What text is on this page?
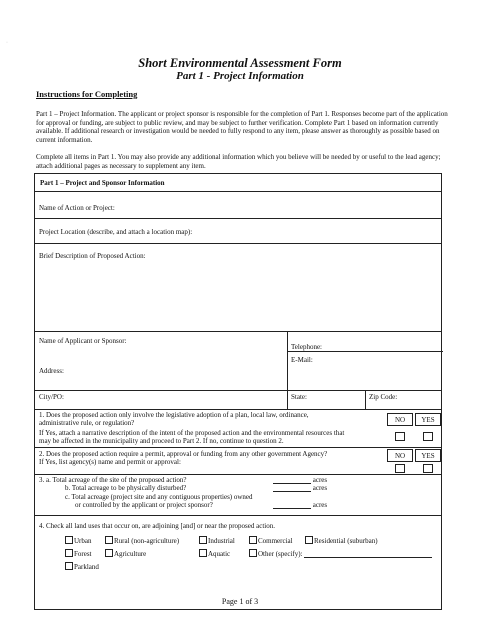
·
Short Environmental Assessment Form
Part 1 - Project Information
Instructions for Completing
Part 1 – Project Information. The applicant or project sponsor is responsible for the completion of Part 1. Responses become part of the application for approval or funding, are subject to public review, and may be subject to further verification. Complete Part 1 based on information currently available. If additional research or investigation would be needed to fully respond to any item, please answer as thoroughly as possible based on current information.
Complete all items in Part 1. You may also provide any additional information which you believe will be needed by or useful to the lead agency; attach additional pages as necessary to supplement any item.
Part 1 – Project and Sponsor Information
Name of Action or Project:
Project Location (describe, and attach a location map):
Brief Description of Proposed Action:
Name of Applicant or Sponsor:
Telephone:
E-Mail:
Address:
City/PO:	State:	Zip Code:
1. Does the proposed action only involve the legislative adoption of a plan, local law, ordinance,
administrative rule, or regulation?
If Yes, attach a narrative description of the intent of the proposed action and the environmental resources that
may be affected in the municipality and proceed to Part 2. If no, continue to question 2.
NO	YES
2. Does the proposed action require a permit, approval or funding from any other government Agency?
If Yes, list agency(s) name and permit or approval:
NO	YES
3. a. Total acreage of the site of the proposed action?
b. Total acreage to be physically disturbed?
c. Total acreage (project site and any contiguous properties) owned
or controlled by the applicant or project sponsor?
acres
acres
acres
4. Check all land uses that occur on, are adjoining [and] or near the proposed action.
Urban	Rural (non-agriculture)	Industrial	Commercial	Residential (suburban)
Forest	Agriculture	Aquatic	Other (specify):
Parkland
Page 1 of 3
